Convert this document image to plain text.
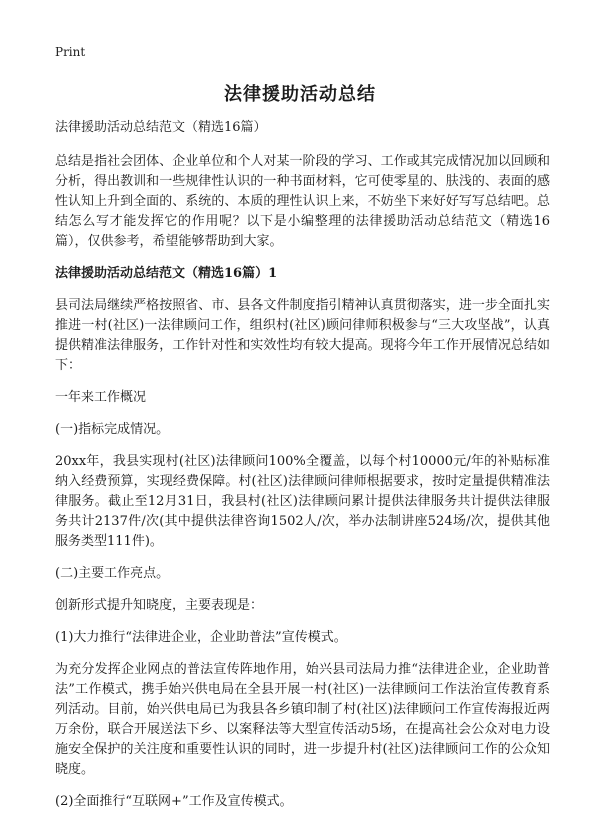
Print
法律援助活动总结

法律援助活动总结范文（精选16篇）

总结是指社会团体、企业单位和个人对某一阶段的学习、工作或其完成情况加以回顾和分析，得出教训和一些规律性认识的一种书面材料，它可使零星的、肤浅的、表面的感性认知上升到全面的、系统的、本质的理性认识上来，不妨坐下来好好写写总结吧。总结怎么写才能发挥它的作用呢？以下是小编整理的法律援助活动总结范文（精选16篇），仅供参考，希望能够帮助到大家。

法律援助活动总结范文（精选16篇）1

县司法局继续严格按照省、市、县各文件制度指引精神认真贯彻落实，进一步全面扎实推进一村(社区)一法律顾问工作，组织村(社区)顾问律师积极参与“三大攻坚战”，认真提供精准法律服务，工作针对性和实效性均有较大提高。现将今年工作开展情况总结如下：

一年来工作概况

(一)指标完成情况。

20xx年，我县实现村(社区)法律顾问100%全覆盖，以每个村10000元/年的补贴标准纳入经费预算，实现经费保障。村(社区)法律顾问律师根据要求，按时定量提供精准法律服务。截止至12月31日，我县村(社区)法律顾问累计提供法律服务共计提供法律服务共计2137件/次(其中提供法律咨询1502人/次，举办法制讲座524场/次，提供其他服务类型111件)。

(二)主要工作亮点。

创新形式提升知晓度，主要表现是：

(1)大力推行“法律进企业，企业助普法”宣传模式。

为充分发挥企业网点的普法宣传阵地作用，始兴县司法局力推“法律进企业，企业助普法”工作模式，携手始兴供电局在全县开展一村(社区)一法律顾问工作法治宣传教育系列活动。目前，始兴供电局已为我县各乡镇印制了村(社区)法律顾问工作宣传海报近两万余份，联合开展送法下乡、以案释法等大型宣传活动5场，在提高社会公众对电力设施安全保护的关注度和重要性认识的同时，进一步提升村(社区)法律顾问工作的公众知晓度。

(2)全面推行“互联网+”工作及宣传模式。
